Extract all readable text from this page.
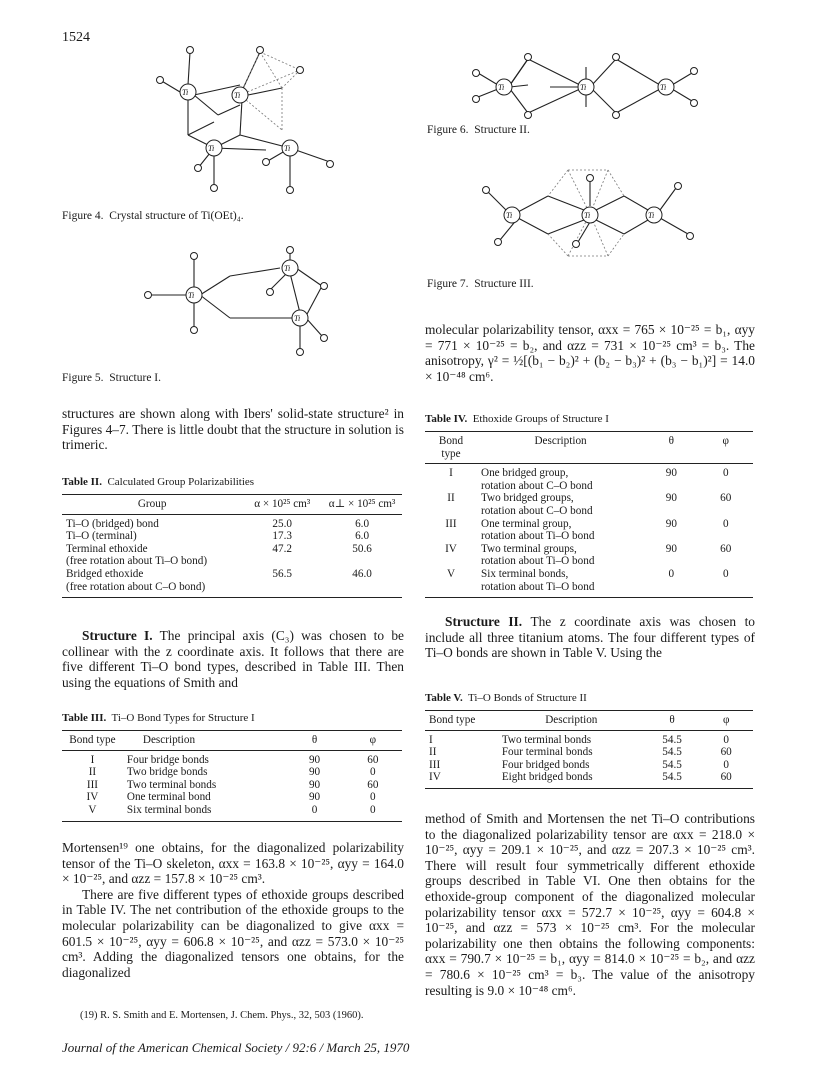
1524
Ti	Ti
Ti	Ti
Figure 4. Crystal structure of Ti(OEt)₄.
Ti
Ti
Ti
Figure 5. Structure I.
Ti	Ti	Ti
Figure 6. Structure II.
Ti	Ti	Ti
Figure 7. Structure III.

structures are shown along with Ibers' solid-state structure² in Figures 4–7. There is little doubt that the structure in solution is trimeric.

Table II. Calculated Group Polarizabilities
Group	α × 10²⁵ cm³	α⊥ × 10²⁵ cm³
Ti–O (bridged) bond	25.0	6.0
Ti–O (terminal)	17.3	6.0
Terminal ethoxide	47.2	50.6
(free rotation about Ti–O bond)		
Bridged ethoxide	56.5	46.0
(free rotation about C–O bond)		

Structure I. The principal axis (C₃) was chosen to be collinear with the z coordinate axis. It follows that there are five different Ti–O bond types, described in Table III. Then using the equations of Smith and

Table III. Ti–O Bond Types for Structure I
Bond type	Description	θ	φ
I	Four bridge bonds	90	60
II	Two bridge bonds	90	0
III	Two terminal bonds	90	60
IV	One terminal bond	90	0
V	Six terminal bonds	0	0

Mortensen¹⁹ one obtains, for the diagonalized polarizability tensor of the Ti–O skeleton, αxx = 163.8 × 10⁻²⁵, αyy = 164.0 × 10⁻²⁵, and αzz = 157.8 × 10⁻²⁵ cm³.

There are five different types of ethoxide groups described in Table IV. The net contribution of the ethoxide groups to the molecular polarizability can be diagonalized to give αxx = 601.5 × 10⁻²⁵, αyy = 606.8 × 10⁻²⁵, and αzz = 573.0 × 10⁻²⁵ cm³. Adding the diagonalized tensors one obtains, for the diagonalized

(19) R. S. Smith and E. Mortensen, J. Chem. Phys., 32, 503 (1960).
Journal of the American Chemical Society / 92:6 / March 25, 1970

molecular polarizability tensor, αxx = 765 × 10⁻²⁵ = b₁, αyy = 771 × 10⁻²⁵ = b₂, and αzz = 731 × 10⁻²⁵ cm³ = b₃. The anisotropy, γ² = ½[(b₁ − b₂)² + (b₂ − b₃)² + (b₃ − b₁)²] = 14.0 × 10⁻⁴⁸ cm⁶.

Table IV. Ethoxide Groups of Structure I
Bond type	Description	θ	φ
I	One bridged group,	90	0
	rotation about C–O bond		
II	Two bridged groups,	90	60
	rotation about C–O bond		
III	One terminal group,	90	0
	rotation about Ti–O bond		
IV	Two terminal groups,	90	60
	rotation about Ti–O bond		
V	Six terminal bonds,	0	0
	rotation about Ti–O bond		

Structure II. The z coordinate axis was chosen to include all three titanium atoms. The four different types of Ti–O bonds are shown in Table V. Using the

Table V. Ti–O Bonds of Structure II
Bond type	Description	θ	φ
I	Two terminal bonds	54.5	0
II	Four terminal bonds	54.5	60
III	Four bridged bonds	54.5	0
IV	Eight bridged bonds	54.5	60

method of Smith and Mortensen the net Ti–O contributions to the diagonalized polarizability tensor are αxx = 218.0 × 10⁻²⁵, αyy = 209.1 × 10⁻²⁵, and αzz = 207.3 × 10⁻²⁵ cm³. There will result four symmetrically different ethoxide groups described in Table VI. One then obtains for the ethoxide-group component of the diagonalized molecular polarizability tensor αxx = 572.7 × 10⁻²⁵, αyy = 604.8 × 10⁻²⁵, and αzz = 573 × 10⁻²⁵ cm³. For the molecular polarizability one then obtains the following components: αxx = 790.7 × 10⁻²⁵ = b₁, αyy = 814.0 × 10⁻²⁵ = b₂, and αzz = 780.6 × 10⁻²⁵ cm³ = b₃. The value of the anisotropy resulting is 9.0 × 10⁻⁴⁸ cm⁶.
